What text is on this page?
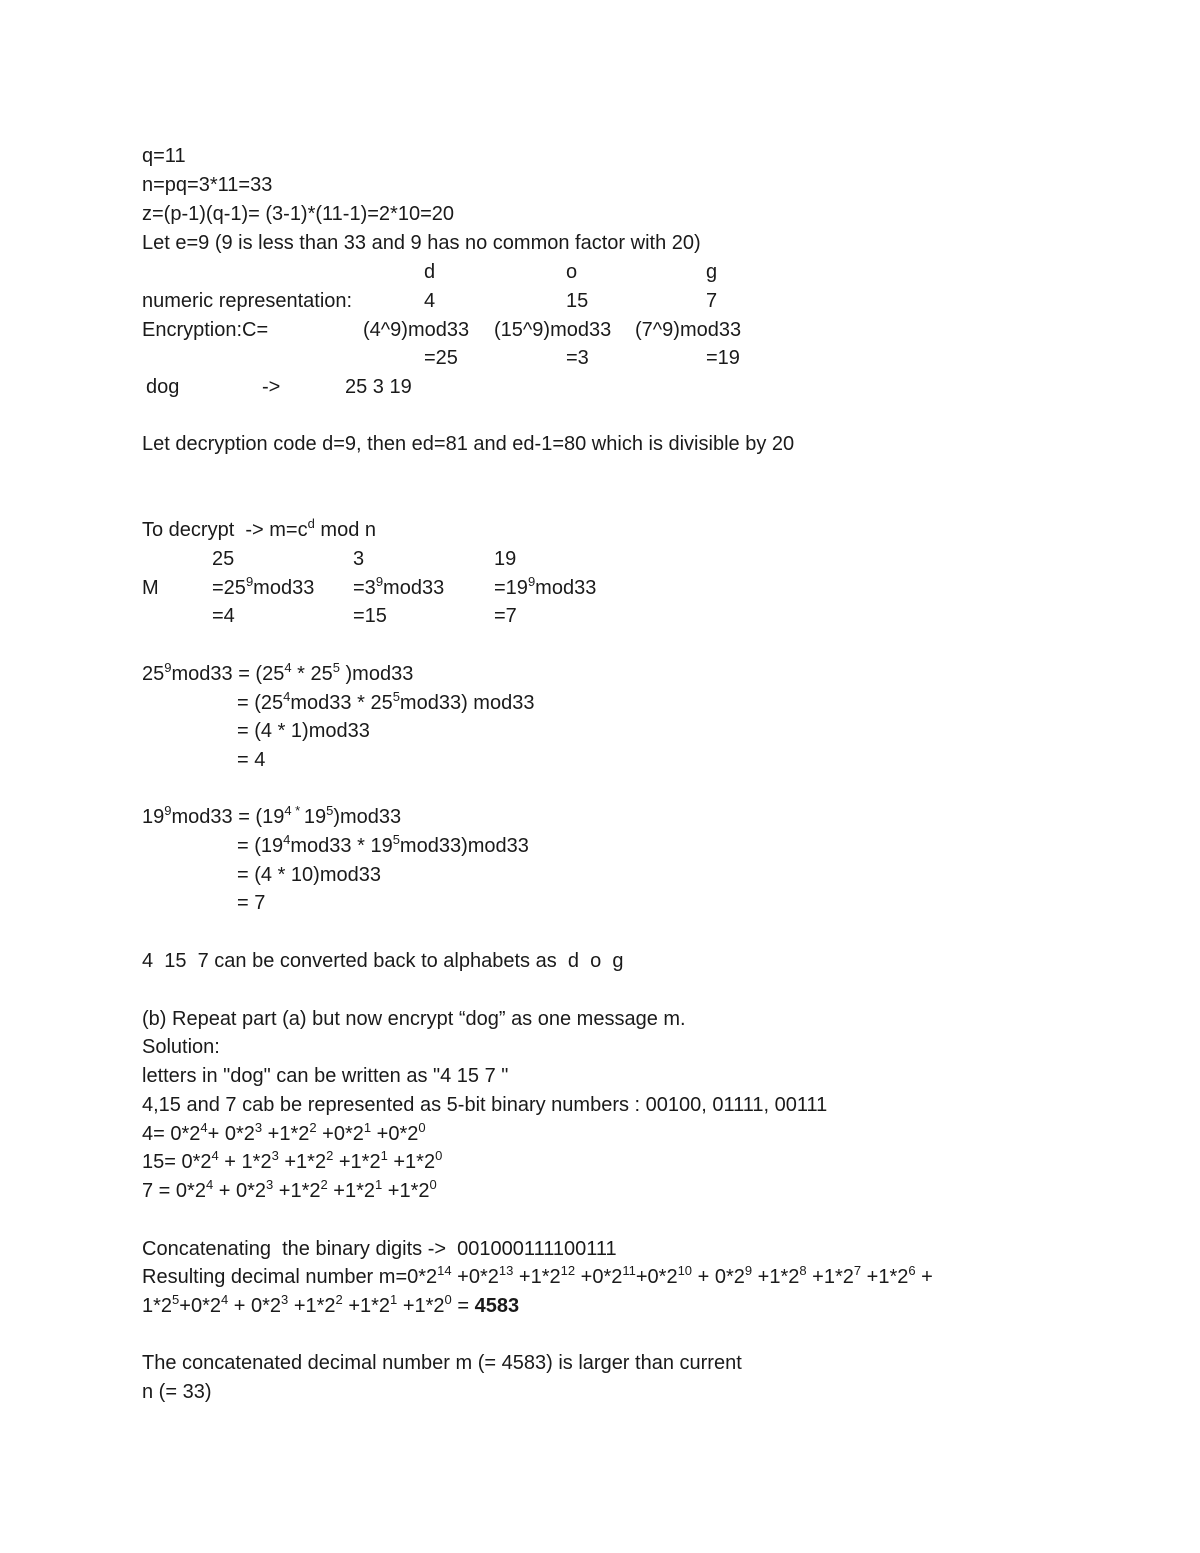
q=11
n=pq=3*11=33
z=(p-1)(q-1)= (3-1)*(11-1)=2*10=20
Let e=9 (9 is less than 33 and 9 has no common factor with 20)
d	o	g
numeric representation:	4	15	7
Encryption:C=	(4^9)mod33 (15^9)mod33 (7^9)mod33
=25	=3	=19
dog	->	25 3 19
Let decryption code d=9, then ed=81 and ed-1=80 which is divisible by 20
To decrypt  -> $m=c^d$ mod n
25	3	19
M	$=25^9mod33 =3^9mod33 =19^9mod33$
=4	=15	=7
$25^9mod33 = (25^4 * 25^5$ )mod33
= $(25^4mod33 * 25^5mod33)$ mod33
= (4 * 1)mod33
= 4
$19^9mod33 = (19^{4 *}$ $19^5)mod33$
= $(19^4mod33 * 19^5mod33)mod33$
= (4 * 10)mod33
= 7
4  15  7 can be converted back to alphabets as  d  o  g
(b) Repeat part (a) but now encrypt “dog” as one message m.
Solution:
letters in "dog" can be written as "4 15 7 "
4,15 and 7 cab be represented as 5-bit binary numbers : 00100, 01111, 00111
$4= 0*2^4+ 0*2^3 +1*2^2 +0*2^1 +0*2^0$
$15= 0*2^4 + 1*2^3 +1*2^2 +1*2^1 +1*2^0$
$7 = 0*2^4 + 0*2^3 +1*2^2 +1*2^1 +1*2^0$
Concatenating  the binary digits ->  001000111100111
Resulting decimal number $m=0*2^{14} +0*2^{13} +1*2^{12} +0*2^{11}+0*2^{10} + 0*2^9 +1*2^8 +1*2^7 +1*2^6$ +
$1*2^5+0*2^4 + 0*2^3 +1*2^2 +1*2^1 +1*2^0 = 4583$
The concatenated decimal number m (= 4583) is larger than current
n (= 33)
